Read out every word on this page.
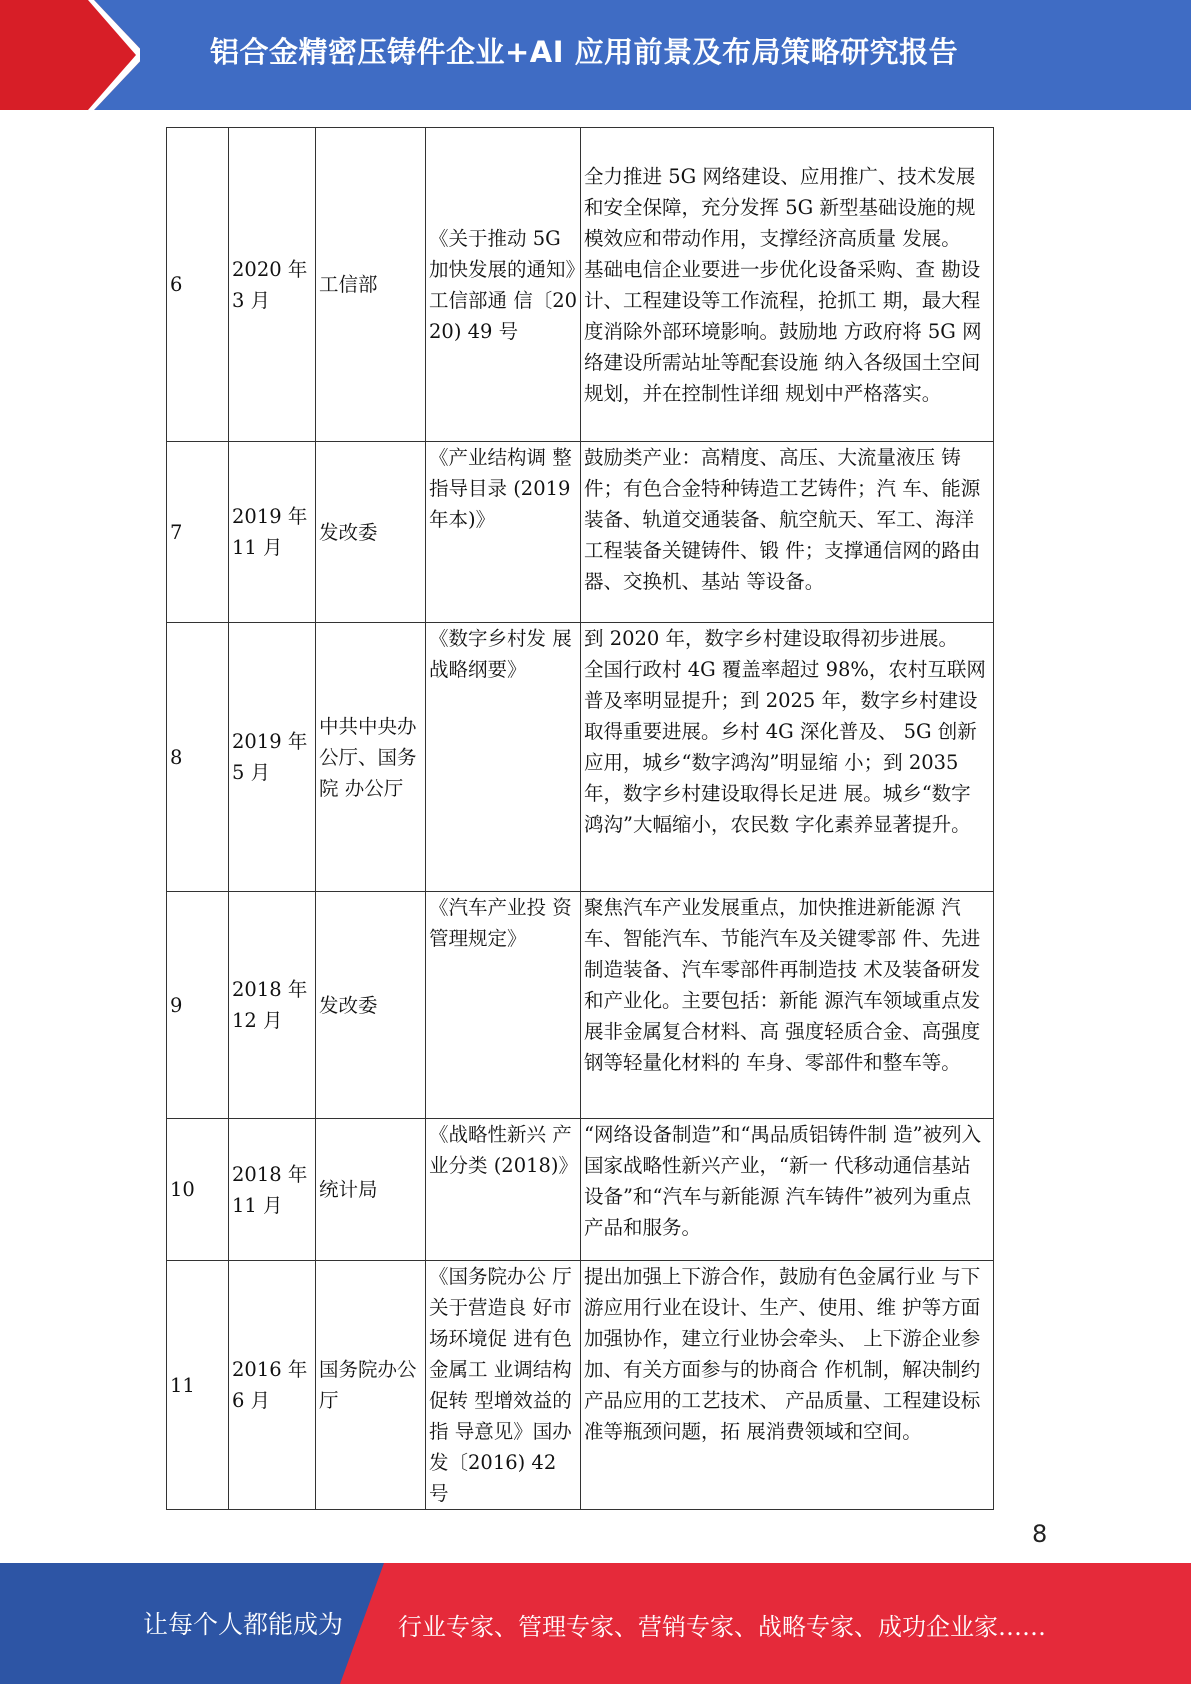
铝合金精密压铸件企业+AI 应用前景及布局策略研究报告
6	2020 年 3 月	工信部	《关于推动 5G 加快发展的通知》工信部通 信〔2020) 49 号	全力推进 5G 网络建设、应用推广、技术发展和安全保障，充分发挥 5G 新型基础设施的规模效应和带动作用，支撑经济高质量 发展。
基础电信企业要进一步优化设备采购、查 勘设计、工程建设等工作流程，抢抓工 期，最大程度消除外部环境影响。鼓励地 方政府将 5G 网络建设所需站址等配套设施 纳入各级国土空间规划，并在控制性详细 规划中严格落实。

7	2019 年 11 月	发改委	《产业结构调 整指导目录 (2019 年本)》	鼓励类产业：高精度、高压、大流量液压 铸件；有色合金特种铸造工艺铸件；汽 车、能源装备、轨道交通装备、航空航天、军工、海洋工程装备关键铸件、锻 件；支撑通信网的路由器、交换机、基站 等设备。

8	2019 年 5 月	中共中央办公厅、国务院 办公厅	《数字乡村发 展战略纲要》	到 2020 年，数字乡村建设取得初步进展。
全国行政村 4G 覆盖率超过 98%，农村互联网普及率明显提升；到 2025 年，数字乡村建设取得重要进展。乡村 4G 深化普及、 5G 创新应用，城乡“数字鸿沟”明显缩 小；到 2035 年，数字乡村建设取得长足进 展。城乡“数字鸿沟”大幅缩小，农民数 字化素养显著提升。

9	2018 年 12 月	发改委	《汽车产业投 资管理规定》	聚焦汽车产业发展重点，加快推进新能源 汽车、智能汽车、节能汽车及关键零部 件、先进制造装备、汽车零部件再制造技 术及装备研发和产业化。主要包括：新能 源汽车领域重点发展非金属复合材料、高 强度轻质合金、高强度钢等轻量化材料的 车身、零部件和整车等。

10	2018 年 11 月	统计局	《战略性新兴 产业分类 (2018)》	“网络设备制造”和“禺品质铝铸件制 造”被列入国家战略性新兴产业，“新一 代移动通信基站设备”和“汽车与新能源 汽车铸件”被列为重点产品和服务。

11	2016 年 6 月	国务院办公厅	《国务院办公 厅关于营造良 好市场环境促 进有色金属工 业调结构促转 型增效益的指 导意见》国办 发〔2016) 42 号	提出加强上下游合作，鼓励有色金属行业 与下游应用行业在设计、生产、使用、维 护等方面加强协作，建立行业协会牵头、 上下游企业参加、有关方面参与的协商合 作机制，解决制约产品应用的工艺技术、 产品质量、工程建设标准等瓶颈问题，拓 展消费领域和空间。
8
让每个人都能成为 行业专家、管理专家、营销专家、战略专家、成功企业家……
